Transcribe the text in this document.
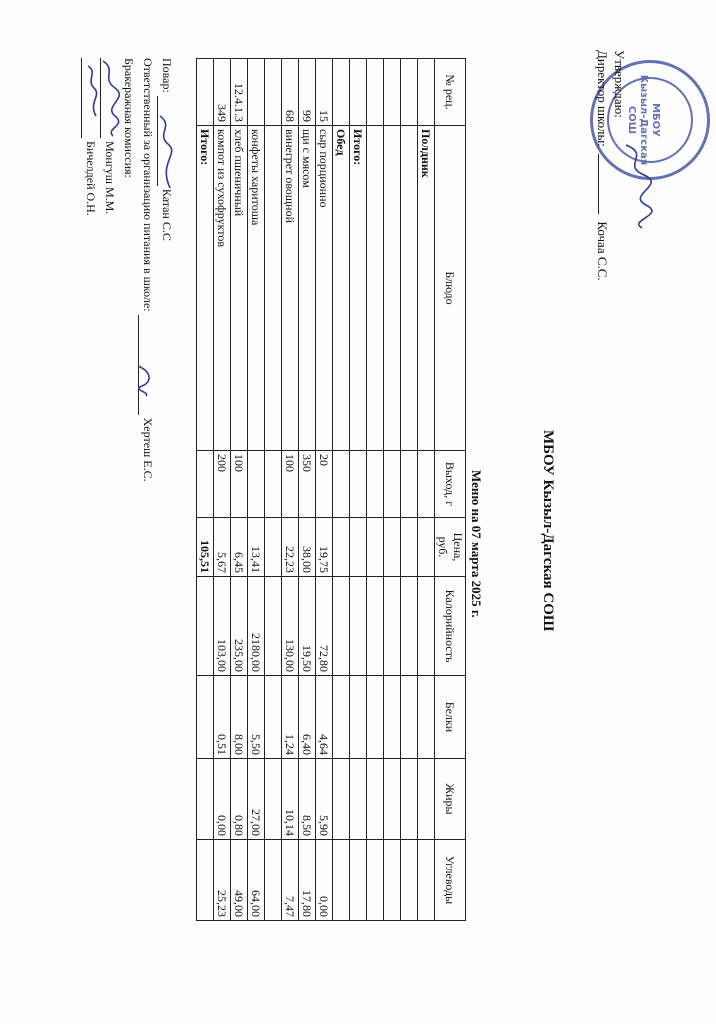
МБОУ
Кызыл-Дагская СОШ
Утверждаю:
Директор школы:  Кочаа С.С.
МБОУ Кызыл-Дагская СОШ
Меню на 07 марта 2025 г.
№ рец.	Блюдо	Выход, г	Цена, руб.	Калорийность	Белки	Жиры	Углеводы
	Полдник						

	Итого:						
	Обед						
15	сыр порционно	20	19,75	72,80	4,64	5,90	0,00
99	щи с мясом	350	38,00	19,50	6,40	8,50	17,80
68	винегрет овощной	100	22,23	130,00	1,24	10,14	7,47

	конфеты харитоша		13,41	2180,00	5,50	27,00	64,00
12.4.1.3	хлеб пшеничный	100	6,45	235,00	8,00	0,80	49,00
349	компот из сухофруктов	200	5,67	103,00	0,51	0,00	25,23
	Итого:		105,51				
Повар:  Катан С.С
Ответственный за организацию питания в школе:  Хертеш Е.С.
Бракеражная комиссия:
Монгуш М.М.
Бичелдей О.Н.
